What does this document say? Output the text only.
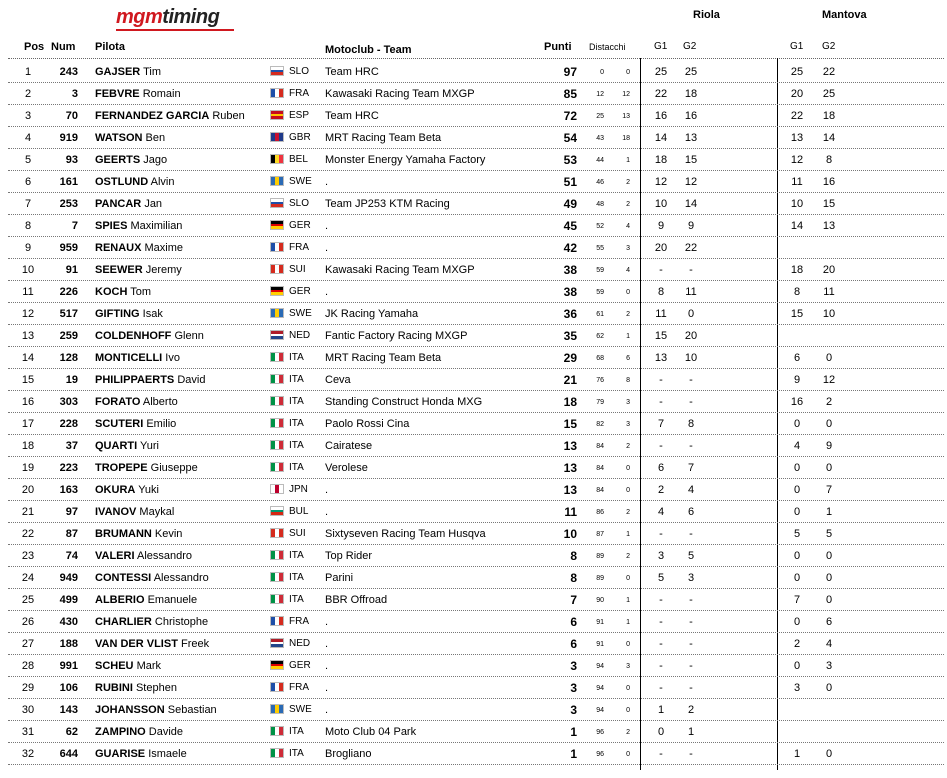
mgmtiming	Riola	Mantova
Pos Num Pilota	Motoclub - Team	Punti Distacchi	G1 G2	G1 G2
1	243 GAJSER Tim	SLO Team HRC	97	0	0	25	25	25	22
2	3 FEBVRE Romain	FRA Kawasaki Racing Team MXGP	85	12	12	22	18	20	25
3	70 FERNANDEZ GARCIA Ruben	ESP Team HRC	72	25	13	16	16	22	18
4	919 WATSON Ben	GBR MRT Racing Team Beta	54	43	18	14	13	13	14
5	93 GEERTS Jago	BEL Monster Energy Yamaha Factory	53	44	1	18	15	12	8
6	161 OSTLUND Alvin	SWE .	51	46	2	12	12	11	16
7	253 PANCAR Jan	SLO Team JP253 KTM Racing	49	48	2	10	14	10	15
8	7 SPIES Maximilian	GER .	45	52	4	9	9	14	13
9	959 RENAUX Maxime	FRA .	42	55	3	20	22
10	91 SEEWER Jeremy	SUI Kawasaki Racing Team MXGP	38	59	4	-	-	18	20
11	226 KOCH Tom	GER .	38	59	0	8	11	8	11
12	517 GIFTING Isak	SWE JK Racing Yamaha	36	61	2	11	0	15	10
13	259 COLDENHOFF Glenn	NED Fantic Factory Racing MXGP	35	62	1	15	20
14	128 MONTICELLI Ivo	ITA MRT Racing Team Beta	29	68	6	13	10	6	0
15	19 PHILIPPAERTS David	ITA Ceva	21	76	8	-	-	9	12
16	303 FORATO Alberto	ITA Standing Construct Honda MXG	18	79	3	-	-	16	2
17	228 SCUTERI Emilio	ITA Paolo Rossi Cina	15	82	3	7	8	0	0
18	37 QUARTI Yuri	ITA Cairatese	13	84	2	-	-	4	9
19	223 TROPEPE Giuseppe	ITA Verolese	13	84	0	6	7	0	0
20	163 OKURA Yuki	JPN .	13	84	0	2	4	0	7
21	97 IVANOV Maykal	BUL .	11	86	2	4	6	0	1
22	87 BRUMANN Kevin	SUI Sixtyseven Racing Team Husqva	10	87	1	-	-	5	5
23	74 VALERI Alessandro	ITA Top Rider	8	89	2	3	5	0	0
24	949 CONTESSI Alessandro	ITA Parini	8	89	0	5	3	0	0
25	499 ALBERIO Emanuele	ITA BBR Offroad	7	90	1	-	-	7	0
26	430 CHARLIER Christophe	FRA .	6	91	1	-	-	0	6
27	188 VAN DER VLIST Freek	NED .	6	91	0	-	-	2	4
28	991 SCHEU Mark	GER .	3	94	3	-	-	0	3
29	106 RUBINI Stephen	FRA .	3	94	0	-	-	3	0
30	143 JOHANSSON Sebastian	SWE .	3	94	0	1	2
31	62 ZAMPINO Davide	ITA Moto Club 04 Park	1	96	2	0	1
32	644 GUARISE Ismaele	ITA Brogliano	1	96	0	-	-	1	0
